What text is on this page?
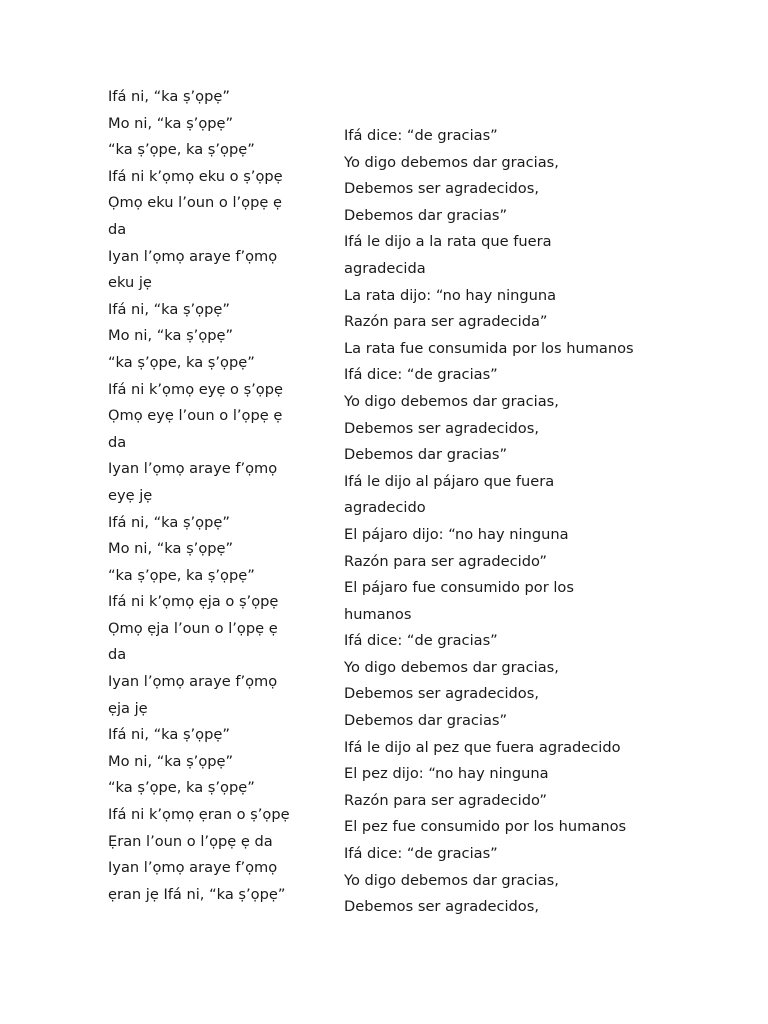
Ifá ni, “ka ṣ’ọpẹ”
Mo ni, “ka ṣ’ọpẹ”
“ka ṣ’ọpe, ka ṣ’ọpẹ”
Ifá ni k’ọmọ eku o ṣ’ọpẹ
Ọmọ eku l’oun o l’ọpẹ ẹ
da
Iyan l’ọmọ araye f’ọmọ
eku jẹ
Ifá ni, “ka ṣ’ọpẹ”
Mo ni, “ka ṣ’ọpẹ”
“ka ṣ’ọpe, ka ṣ’ọpẹ”
Ifá ni k’ọmọ eyẹ o ṣ’ọpẹ
Ọmọ eyẹ l’oun o l’ọpẹ ẹ
da
Iyan l’ọmọ araye f’ọmọ
eyẹ jẹ
Ifá ni, “ka ṣ’ọpẹ”
Mo ni, “ka ṣ’ọpẹ”
“ka ṣ’ọpe, ka ṣ’ọpẹ”
Ifá ni k’ọmọ ẹja o ṣ’ọpẹ
Ọmọ ẹja l’oun o l’ọpẹ ẹ
da
Iyan l’ọmọ araye f’ọmọ
ẹja jẹ
Ifá ni, “ka ṣ’ọpẹ”
Mo ni, “ka ṣ’ọpẹ”
“ka ṣ’ọpe, ka ṣ’ọpẹ”
Ifá ni k’ọmọ ẹran o ṣ’ọpẹ
Ẹran l’oun o l’ọpẹ ẹ da
Iyan l’ọmọ araye f’ọmọ
ẹran jẹ Ifá ni, “ka ṣ’ọpẹ”
Ifá dice: “de gracias”
Yo digo debemos dar gracias,
Debemos ser agradecidos,
Debemos dar gracias”
Ifá le dijo a la rata que fuera
agradecida
La rata dijo: “no hay ninguna
Razón para ser agradecida”
La rata fue consumida por los humanos
Ifá dice: “de gracias”
Yo digo debemos dar gracias,
Debemos ser agradecidos,
Debemos dar gracias”
Ifá le dijo al pájaro que fuera
agradecido
El pájaro dijo: “no hay ninguna
Razón para ser agradecido”
El pájaro fue consumido por los
humanos
Ifá dice: “de gracias”
Yo digo debemos dar gracias,
Debemos ser agradecidos,
Debemos dar gracias”
Ifá le dijo al pez que fuera agradecido
El pez dijo: “no hay ninguna
Razón para ser agradecido”
El pez fue consumido por los humanos
Ifá dice: “de gracias”
Yo digo debemos dar gracias,
Debemos ser agradecidos,
